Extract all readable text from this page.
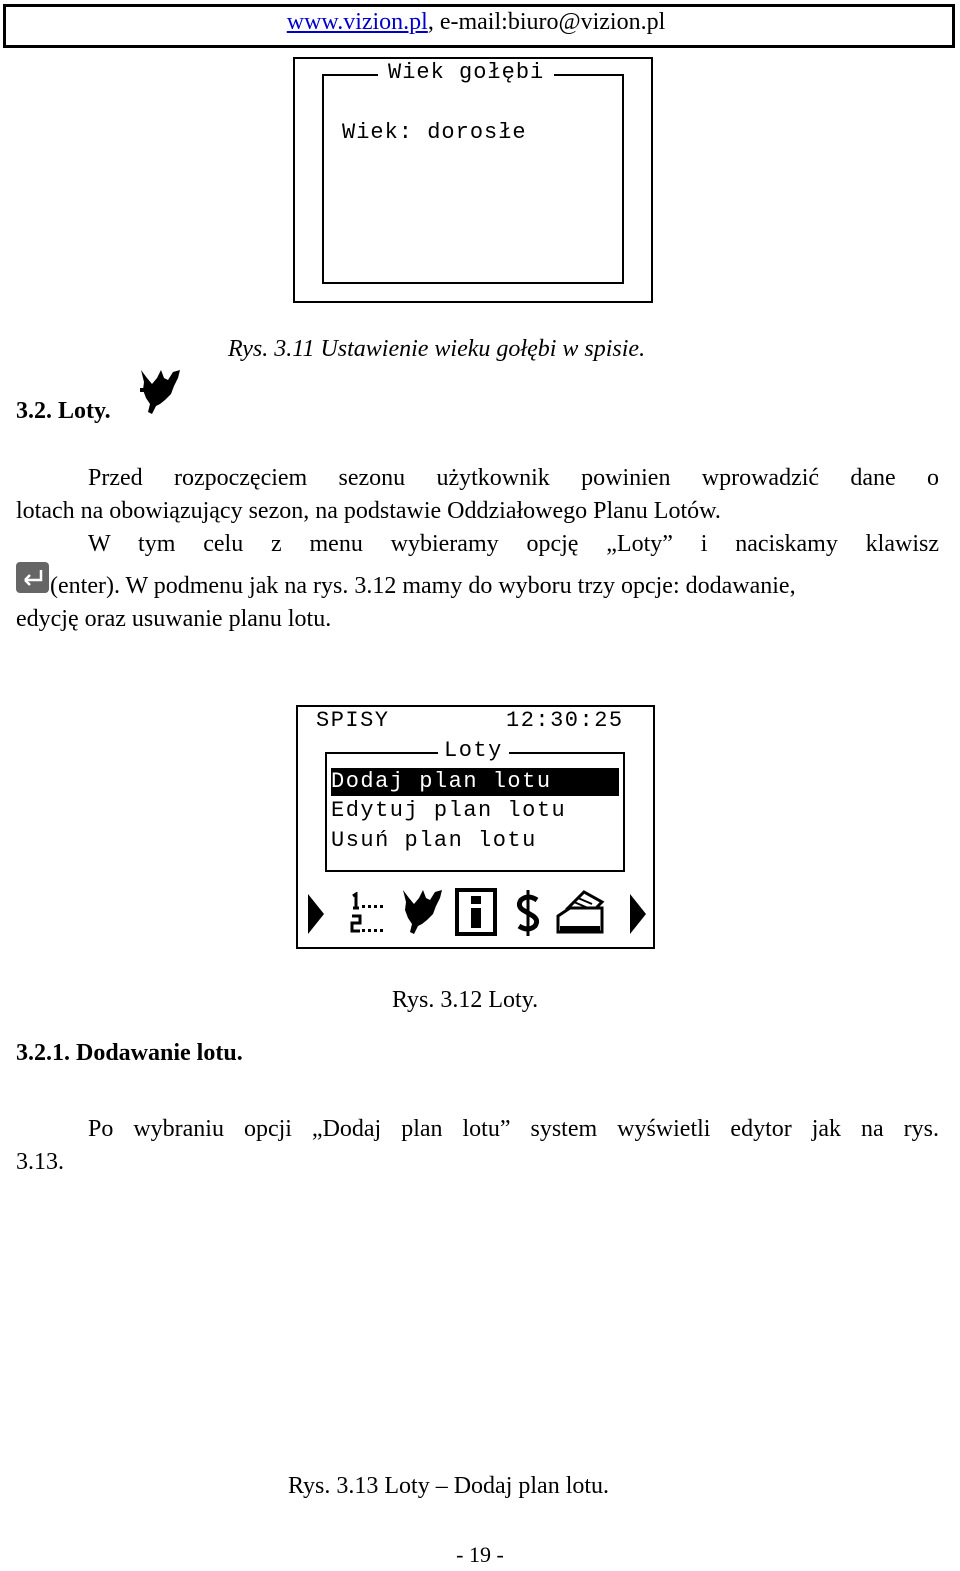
www.vizion.pl, e-mail:biuro@vizion.pl
Wiek gołębi
Wiek: dorosłe
Rys. 3.11 Ustawienie wieku gołębi w spisie.
3.2. Loty.
Przed rozpoczęciem sezonu użytkownik powinien wprowadzić dane o
lotach na obowiązujący sezon, na podstawie Oddziałowego Planu Lotów.
W tym celu z menu wybieramy opcję „Loty” i naciskamy klawisz
(enter). W podmenu jak na rys. 3.12 mamy do wyboru trzy opcje: dodawanie,
edycję oraz usuwanie planu lotu.
SPISY	12:30:25
Loty
Dodaj plan lotu
Edytuj plan lotu
Usuń plan lotu
Rys. 3.12 Loty.
3.2.1. Dodawanie lotu.
Po wybraniu opcji „Dodaj plan lotu” system wyświetli edytor jak na rys.
3.13.
Rys. 3.13 Loty – Dodaj plan lotu.
- 19 -
